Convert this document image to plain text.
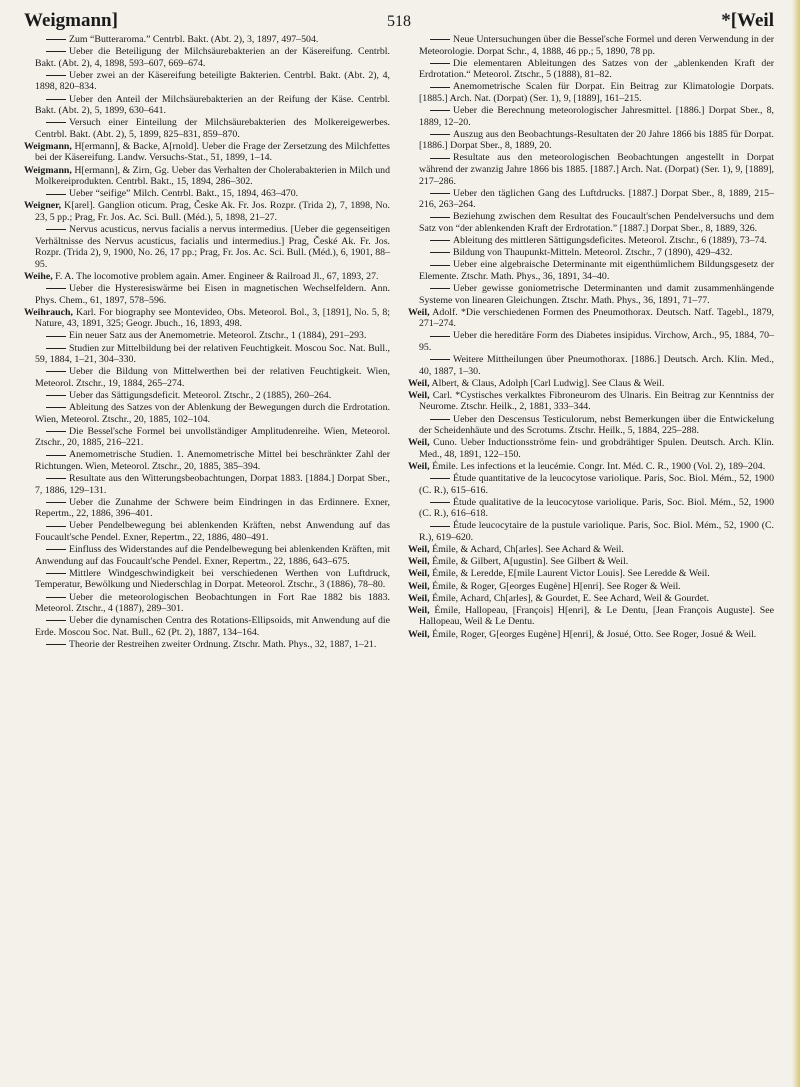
Weigmann]	518	*[Weil
Zum “Butteraroma.” Centrbl. Bakt. (Abt. 2), 3, 1897, 497–504.
Ueber die Beteiligung der Milchsäurebakterien an der Käsereifung. Centrbl. Bakt. (Abt. 2), 4, 1898, 593–607, 669–674.
Ueber zwei an der Käsereifung beteiligte Bakterien. Centrbl. Bakt. (Abt. 2), 4, 1898, 820–834.
Ueber den Anteil der Milchsäurebakterien an der Reifung der Käse. Centrbl. Bakt. (Abt. 2), 5, 1899, 630–641.
Versuch einer Einteilung der Milchsäurebakterien des Molkereigewerbes. Centrbl. Bakt. (Abt. 2), 5, 1899, 825–831, 859–870.
Weigmann, H[ermann], & Backe, A[rnold]. Ueber die Frage der Zersetzung des Milchfettes bei der Käsereifung. Landw. Versuchs-Stat., 51, 1899, 1–14.
Weigmann, H[ermann], & Zirn, Gg. Ueber das Verhalten der Cholerabakterien in Milch und Molkereiprodukten. Centrbl. Bakt., 15, 1894, 286–302.
Ueber “seifige” Milch. Centrbl. Bakt., 15, 1894, 463–470.
Weigner, K[arel]. Ganglion oticum. Prag, Česke Ak. Fr. Jos. Rozpr. (Trida 2), 7, 1898, No. 23, 5 pp.; Prag, Fr. Jos. Ac. Sci. Bull. (Méd.), 5, 1898, 21–27.
Nervus acusticus, nervus facialis a nervus intermedius. [Ueber die gegenseitigen Verhältnisse des Nervus acusticus, facialis und intermedius.] Prag, České Ak. Fr. Jos. Rozpr. (Trida 2), 9, 1900, No. 26, 17 pp.; Prag, Fr. Jos. Ac. Sci. Bull. (Méd.), 6, 1901, 88–95.
Weihe, F. A. The locomotive problem again. Amer. Engineer & Railroad Jl., 67, 1893, 27.
Ueber die Hysteresiswärme bei Eisen in magnetischen Wechselfeldern. Ann. Phys. Chem., 61, 1897, 578–596.
Weihrauch, Karl. For biography see Montevideo, Obs. Meteorol. Bol., 3, [1891], No. 5, 8; Nature, 43, 1891, 325; Geogr. Jbuch., 16, 1893, 498.
Ein neuer Satz aus der Anemometrie. Meteorol. Ztschr., 1 (1884), 291–293.
Studien zur Mittelbildung bei der relativen Feuchtigkeit. Moscou Soc. Nat. Bull., 59, 1884, 1–21, 304–330.
Ueber die Bildung von Mittelwerthen bei der relativen Feuchtigkeit. Wien, Meteorol. Ztschr., 19, 1884, 265–274.
Ueber das Sättigungsdeficit. Meteorol. Ztschr., 2 (1885), 260–264.
Ableitung des Satzes von der Ablenkung der Bewegungen durch die Erdrotation. Wien, Meteorol. Ztschr., 20, 1885, 102–104.
Die Bessel'sche Formel bei unvollständiger Amplitudenreihe. Wien, Meteorol. Ztschr., 20, 1885, 216–221.
Anemometrische Studien. 1. Anemometrische Mittel bei beschränkter Zahl der Richtungen. Wien, Meteorol. Ztschr., 20, 1885, 385–394.
Resultate aus den Witterungsbeobachtungen, Dorpat 1883. [1884.] Dorpat Sber., 7, 1886, 129–131.
Ueber die Zunahme der Schwere beim Eindringen in das Erdinnere. Exner, Repertm., 22, 1886, 396–401.
Ueber Pendelbewegung bei ablenkenden Kräften, nebst Anwendung auf das Foucault'sche Pendel. Exner, Repertm., 22, 1886, 480–491.
Einfluss des Widerstandes auf die Pendelbewegung bei ablenkenden Kräften, mit Anwendung auf das Foucault'sche Pendel. Exner, Repertm., 22, 1886, 643–675.
Mittlere Windgeschwindigkeit bei verschiedenen Werthen von Luftdruck, Temperatur, Bewölkung und Niederschlag in Dorpat. Meteorol. Ztschr., 3 (1886), 78–80.
Ueber die meteorologischen Beobachtungen in Fort Rae 1882 bis 1883. Meteorol. Ztschr., 4 (1887), 289–301.
Ueber die dynamischen Centra des Rotations-Ellipsoids, mit Anwendung auf die Erde. Moscou Soc. Nat. Bull., 62 (Pt. 2), 1887, 134–164.
Theorie der Restreihen zweiter Ordnung. Ztschr. Math. Phys., 32, 1887, 1–21.
Neue Untersuchungen über die Bessel'sche Formel und deren Verwendung in der Meteorologie. Dorpat Schr., 4, 1888, 46 pp.; 5, 1890, 78 pp.
Die elementaren Ableitungen des Satzes von der „ablenkenden Kraft der Erdrotation.“ Meteorol. Ztschr., 5 (1888), 81–82.
Anemometrische Scalen für Dorpat. Ein Beitrag zur Klimatologie Dorpats. [1885.] Arch. Nat. (Dorpat) (Ser. 1), 9, [1889], 161–215.
Ueber die Berechnung meteorologischer Jahresmittel. [1886.] Dorpat Sber., 8, 1889, 12–20.
Auszug aus den Beobachtungs-Resultaten der 20 Jahre 1866 bis 1885 für Dorpat. [1886.] Dorpat Sber., 8, 1889, 20.
Resultate aus den meteorologischen Beobachtungen angestellt in Dorpat während der zwanzig Jahre 1866 bis 1885. [1887.] Arch. Nat. (Dorpat) (Ser. 1), 9, [1889], 217–286.
Ueber den täglichen Gang des Luftdrucks. [1887.] Dorpat Sber., 8, 1889, 215–216, 263–264.
Beziehung zwischen dem Resultat des Foucault'schen Pendelversuchs und dem Satz von “der ablenkenden Kraft der Erdrotation.” [1887.] Dorpat Sber., 8, 1889, 326.
Ableitung des mittleren Sättigungsdeficites. Meteorol. Ztschr., 6 (1889), 73–74.
Bildung von Thaupunkt-Mitteln. Meteorol. Ztschr., 7 (1890), 429–432.
Ueber eine algebraische Determinante mit eigenthümlichem Bildungsgesetz der Elemente. Ztschr. Math. Phys., 36, 1891, 34–40.
Ueber gewisse goniometrische Determinanten und damit zusammenhängende Systeme von linearen Gleichungen. Ztschr. Math. Phys., 36, 1891, 71–77.
Weil, Adolf. *Die verschiedenen Formen des Pneumothorax. Deutsch. Natf. Tagebl., 1879, 271–274.
Ueber die hereditäre Form des Diabetes insipidus. Virchow, Arch., 95, 1884, 70–95.
Weitere Mittheilungen über Pneumothorax. [1886.] Deutsch. Arch. Klin. Med., 40, 1887, 1–30.
Weil, Albert, & Claus, Adolph [Carl Ludwig]. See Claus & Weil.
Weil, Carl. *Cystisches verkalktes Fibroneurom des Ulnaris. Ein Beitrag zur Kenntniss der Neurome. Ztschr. Heilk., 2, 1881, 333–344.
Ueber den Descensus Testiculorum, nebst Bemerkungen über die Entwickelung der Scheidenhäute und des Scrotums. Ztschr. Heilk., 5, 1884, 225–288.
Weil, Cuno. Ueber Inductionsströme fein- und grobdrähtiger Spulen. Deutsch. Arch. Klin. Med., 48, 1891, 122–150.
Weil, Émile. Les infections et la leucémie. Congr. Int. Méd. C. R., 1900 (Vol. 2), 189–204.
Étude quantitative de la leucocytose variolique. Paris, Soc. Biol. Mém., 52, 1900 (C. R.), 615–616.
Étude qualitative de la leucocytose variolique. Paris, Soc. Biol. Mém., 52, 1900 (C. R.), 616–618.
Étude leucocytaire de la pustule variolique. Paris, Soc. Biol. Mém., 52, 1900 (C. R.), 619–620.
Weil, Émile, & Achard, Ch[arles]. See Achard & Weil.
Weil, Émile, & Gilbert, A[ugustin]. See Gilbert & Weil.
Weil, Émile, & Leredde, E[mile Laurent Victor Louis]. See Leredde & Weil.
Weil, Émile, & Roger, G[eorges Eugène] H[enri]. See Roger & Weil.
Weil, Émile, Achard, Ch[arles], & Gourdet, E. See Achard, Weil & Gourdet.
Weil, Émile, Hallopeau, [François] H[enri], & Le Dentu, [Jean François Auguste]. See Hallopeau, Weil & Le Dentu.
Weil, Émile, Roger, G[eorges Eugène] H[enri], & Josué, Otto. See Roger, Josué & Weil.
